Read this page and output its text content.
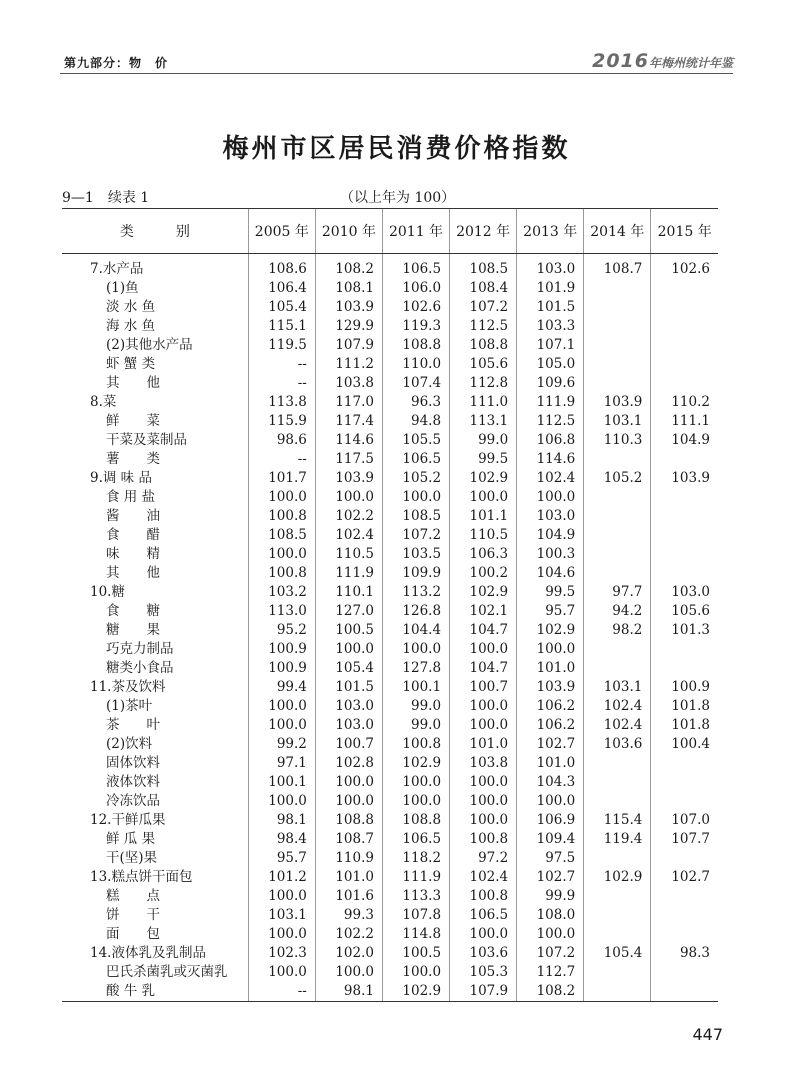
第九部分：物　价	2016年梅州统计年鉴
梅州市区居民消费价格指数
9—1　续表 1	（以上年为 100）
类　　　别	2005 年	2010 年	2011 年	2012 年	2013 年	2014 年	2015 年
7.水产品	108.6	108.2	106.5	108.5	103.0	108.7	102.6
(1)鱼	106.4	108.1	106.0	108.4	101.9		
淡 水 鱼	105.4	103.9	102.6	107.2	101.5		
海 水 鱼	115.1	129.9	119.3	112.5	103.3		
(2)其他水产品	119.5	107.9	108.8	108.8	107.1		
虾 蟹 类	--	111.2	110.0	105.6	105.0		
其　　他	--	103.8	107.4	112.8	109.6		
8.菜	113.8	117.0	96.3	111.0	111.9	103.9	110.2
鲜　　菜	115.9	117.4	94.8	113.1	112.5	103.1	111.1
干菜及菜制品	98.6	114.6	105.5	99.0	106.8	110.3	104.9
薯　　类	--	117.5	106.5	99.5	114.6		
9.调 味 品	101.7	103.9	105.2	102.9	102.4	105.2	103.9
食 用 盐	100.0	100.0	100.0	100.0	100.0		
酱　　油	100.8	102.2	108.5	101.1	103.0		
食　　醋	108.5	102.4	107.2	110.5	104.9		
味　　精	100.0	110.5	103.5	106.3	100.3		
其　　他	100.8	111.9	109.9	100.2	104.6		
10.糖	103.2	110.1	113.2	102.9	99.5	97.7	103.0
食　　糖	113.0	127.0	126.8	102.1	95.7	94.2	105.6
糖　　果	95.2	100.5	104.4	104.7	102.9	98.2	101.3
巧克力制品	100.9	100.0	100.0	100.0	100.0		
糖类小食品	100.9	105.4	127.8	104.7	101.0		
11.茶及饮料	99.4	101.5	100.1	100.7	103.9	103.1	100.9
(1)茶叶	100.0	103.0	99.0	100.0	106.2	102.4	101.8
茶　　叶	100.0	103.0	99.0	100.0	106.2	102.4	101.8
(2)饮料	99.2	100.7	100.8	101.0	102.7	103.6	100.4
固体饮料	97.1	102.8	102.9	103.8	101.0		
液体饮料	100.1	100.0	100.0	100.0	104.3		
冷冻饮品	100.0	100.0	100.0	100.0	100.0		
12.干鲜瓜果	98.1	108.8	108.8	100.0	106.9	115.4	107.0
鲜 瓜 果	98.4	108.7	106.5	100.8	109.4	119.4	107.7
干(坚)果	95.7	110.9	118.2	97.2	97.5		
13.糕点饼干面包	101.2	101.0	111.9	102.4	102.7	102.9	102.7
糕　　点	100.0	101.6	113.3	100.8	99.9		
饼　　干	103.1	99.3	107.8	106.5	108.0		
面　　包	100.0	102.2	114.8	100.0	100.0		
14.液体乳及乳制品	102.3	102.0	100.5	103.6	107.2	105.4	98.3
巴氏杀菌乳或灭菌乳	100.0	100.0	100.0	105.3	112.7		
酸 牛 乳	--	98.1	102.9	107.9	108.2		
447
